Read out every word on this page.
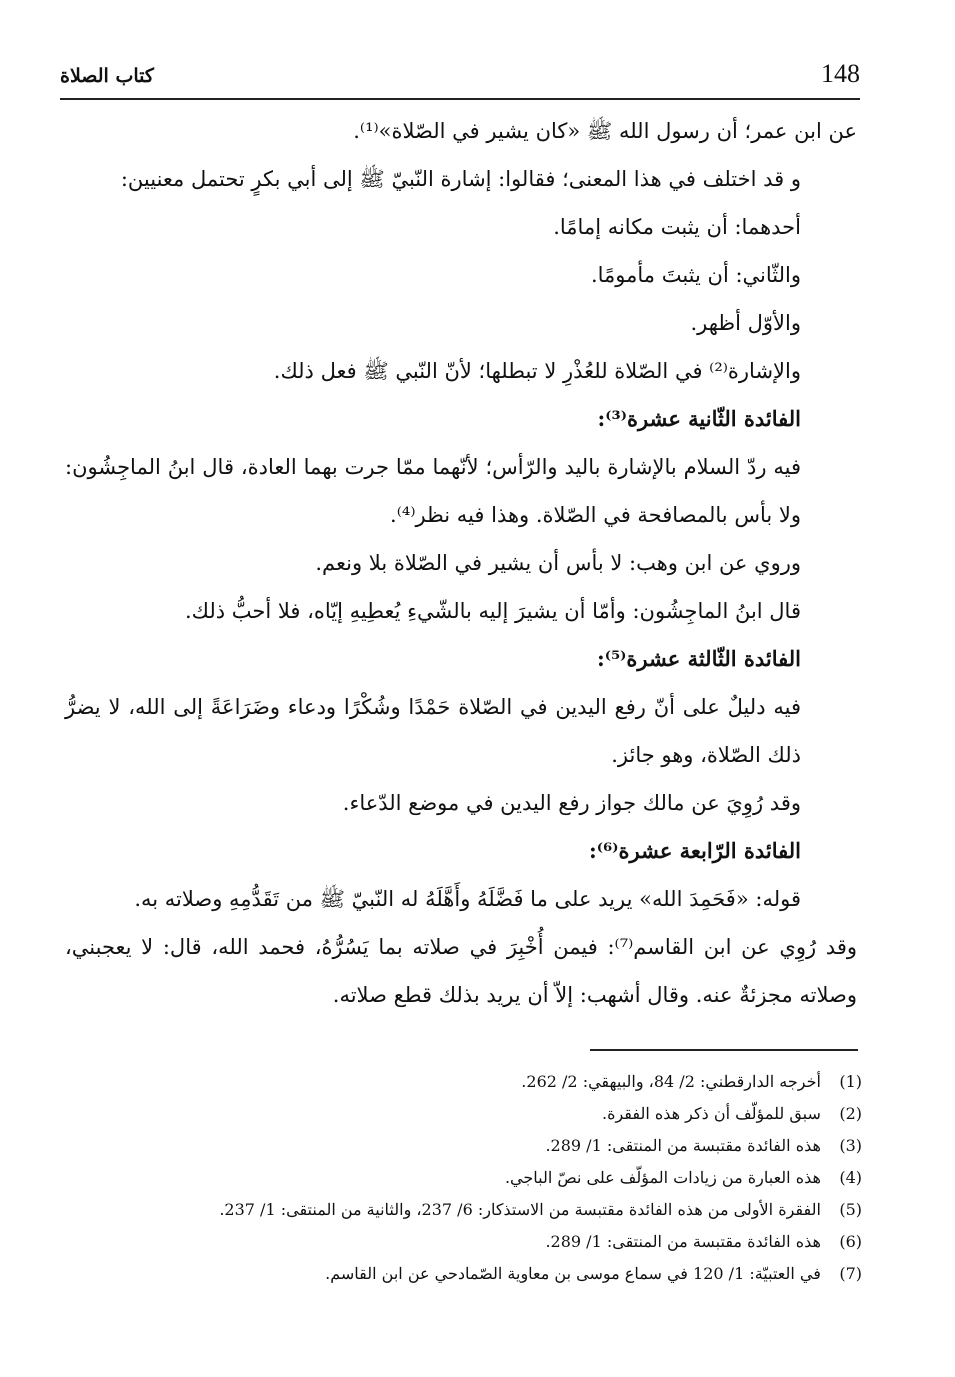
148
كتاب الصلاة

عن ابن عمر؛ أن رسول الله ﷺ «كان يشير في الصّلاة»⁽¹⁾.

و قد اختلف في هذا المعنى؛ فقالوا: إشارة النّبيّ ﷺ إلى أبي بكرٍ تحتمل معنيين:

أحدهما: أن يثبت مكانه إمامًا.

والثّاني: أن يثبتَ مأمومًا.

والأوّل أظهر.

والإشارة⁽²⁾ في الصّلاة للعُذْرِ لا تبطلها؛ لأنّ النّبي ﷺ فعل ذلك.

الفائدة الثّانية عشرة⁽³⁾:

فيه ردّ السلام بالإشارة باليد والرّأس؛ لأنّهما ممّا جرت بهما العادة، قال ابنُ الماجِشُون: ولا بأس بالمصافحة في الصّلاة. وهذا فيه نظر⁽⁴⁾.

وروي عن ابن وهب: لا بأس أن يشير في الصّلاة بلا ونعم.

قال ابنُ الماجِشُون: وأمّا أن يشيرَ إليه بالشّيءِ يُعطِيهِ إيّاه، فلا أحبُّ ذلك.

الفائدة الثّالثة عشرة⁽⁵⁾:

فيه دليلٌ على أنّ رفع اليدين في الصّلاة حَمْدًا وشُكْرًا ودعاء وضَرَاعَةً إلى الله، لا يضرُّ ذلك الصّلاة، وهو جائز.

وقد رُوِيَ عن مالك جواز رفع اليدين في موضع الدّعاء.

الفائدة الرّابعة عشرة⁽⁶⁾:

قوله: «فَحَمِدَ الله» يريد على ما فَضَّلَهُ وأَهَّلَهُ له النّبيّ ﷺ من تَقَدُّمِهِ وصلاته به.

وقد رُوِي عن ابن القاسم⁽⁷⁾: فيمن أُخْبِرَ في صلاته بما يَسُرُّهُ، فحمد الله، قال: لا يعجبني، وصلاته مجزئةٌ عنه. وقال أشهب: إلاّ أن يريد بذلك قطع صلاته.

(1) أخرجه الدارقطني: 2/ 84، والبيهقي: 2/ 262.
(2) سبق للمؤلّف أن ذكر هذه الفقرة.
(3) هذه الفائدة مقتبسة من المنتقى: 1/ 289.
(4) هذه العبارة من زيادات المؤلّف على نصّ الباجي.
(5) الفقرة الأولى من هذه الفائدة مقتبسة من الاستذكار: 6/ 237، والثانية من المنتقى: 1/ 237.
(6) هذه الفائدة مقتبسة من المنتقى: 1/ 289.
(7) في العتبيّة: 1/ 120 في سماع موسى بن معاوية الصّمادحي عن ابن القاسم.
